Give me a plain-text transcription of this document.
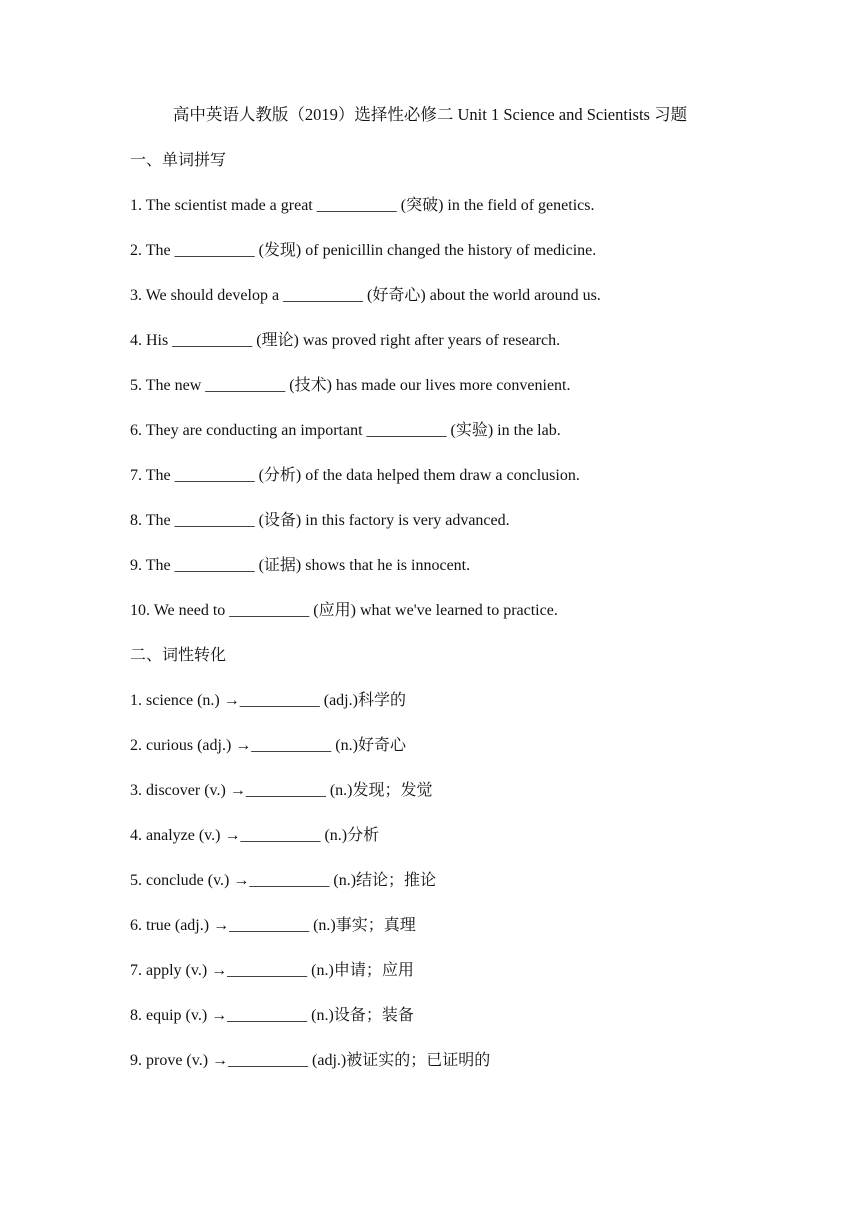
高中英语人教版（2019）选择性必修二 Unit 1 Science and Scientists 习题
一、单词拼写
1. The scientist made a great __________ (突破) in the field of genetics.
2. The __________ (发现) of penicillin changed the history of medicine.
3. We should develop a __________ (好奇心) about the world around us.
4. His __________ (理论) was proved right after years of research.
5. The new __________ (技术) has made our lives more convenient.
6. They are conducting an important __________ (实验) in the lab.
7. The __________ (分析) of the data helped them draw a conclusion.
8. The __________ (设备) in this factory is very advanced.
9. The __________ (证据) shows that he is innocent.
10. We need to __________ (应用) what we've learned to practice.
二、词性转化
1. science (n.) →__________ (adj.)科学的
2. curious (adj.) →__________ (n.)好奇心
3. discover (v.) →__________ (n.)发现；发觉
4. analyze (v.) →__________ (n.)分析
5. conclude (v.) →__________ (n.)结论；推论
6. true (adj.) →__________ (n.)事实；真理
7. apply (v.) →__________ (n.)申请；应用
8. equip (v.) →__________ (n.)设备；装备
9. prove (v.) →__________ (adj.)被证实的；已证明的
